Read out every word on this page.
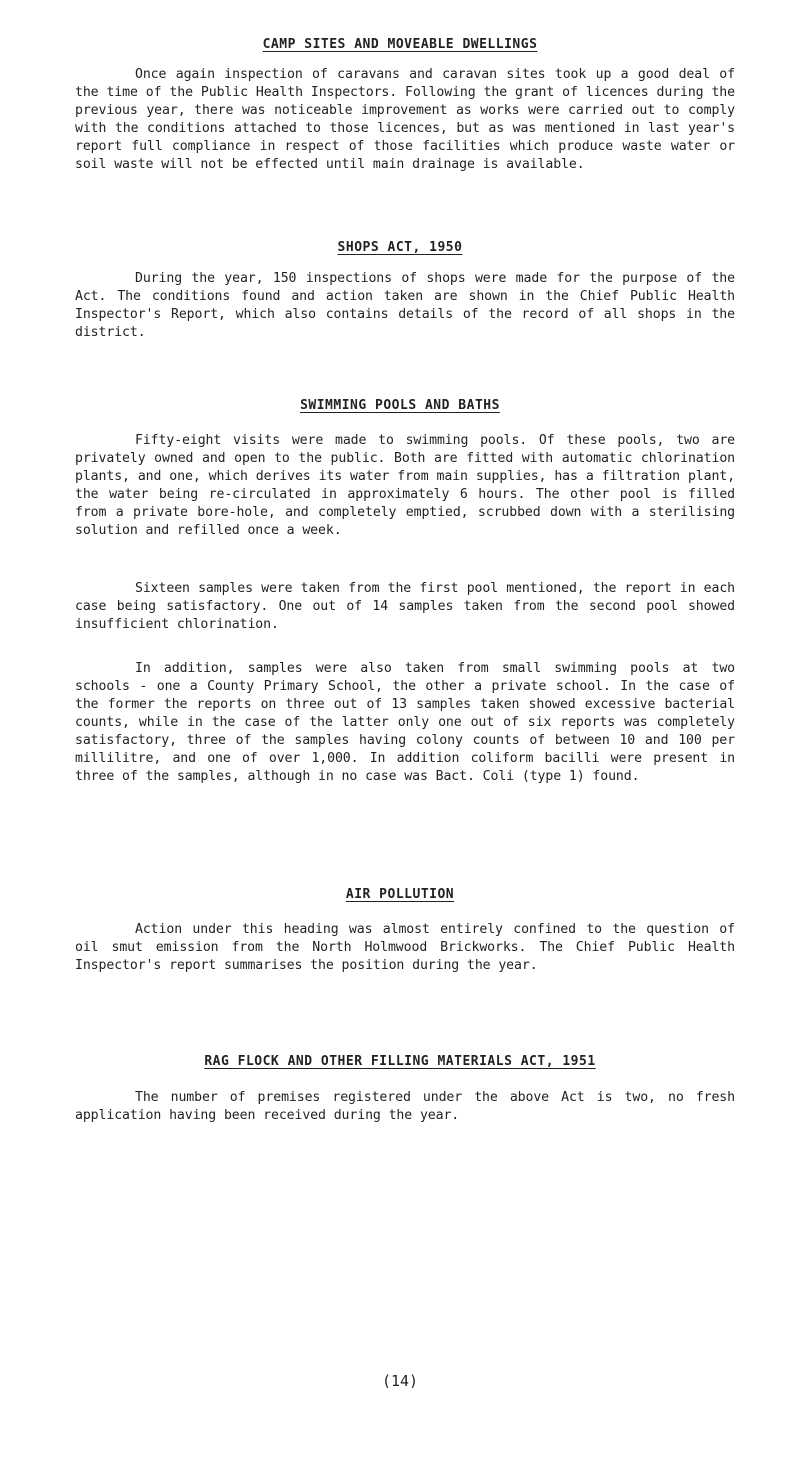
CAMP SITES AND MOVEABLE DWELLINGS

Once again inspection of caravans and caravan sites took up a good deal of the time of the Public Health Inspectors. Following the grant of licences during the previous year, there was noticeable improvement as works were carried out to comply with the conditions attached to those licences, but as was mentioned in last year's report full compliance in respect of those facilities which produce waste water or soil waste will not be effected until main drainage is available.

SHOPS ACT, 1950

During the year, 150 inspections of shops were made for the purpose of the Act. The conditions found and action taken are shown in the Chief Public Health Inspector's Report, which also contains details of the record of all shops in the district.

SWIMMING POOLS AND BATHS

Fifty-eight visits were made to swimming pools. Of these pools, two are privately owned and open to the public. Both are fitted with automatic chlorination plants, and one, which derives its water from main supplies, has a filtration plant, the water being re-circulated in approximately 6 hours. The other pool is filled from a private bore-hole, and completely emptied, scrubbed down with a sterilising solution and refilled once a week.

Sixteen samples were taken from the first pool mentioned, the report in each case being satisfactory. One out of 14 samples taken from the second pool showed insufficient chlorination.

In addition, samples were also taken from small swimming pools at two schools - one a County Primary School, the other a private school. In the case of the former the reports on three out of 13 samples taken showed excessive bacterial counts, while in the case of the latter only one out of six reports was completely satisfactory, three of the samples having colony counts of between 10 and 100 per millilitre, and one of over 1,000. In addition coliform bacilli were present in three of the samples, although in no case was Bact. Coli (type 1) found.

AIR POLLUTION

Action under this heading was almost entirely confined to the question of oil smut emission from the North Holmwood Brickworks. The Chief Public Health Inspector's report summarises the position during the year.

RAG FLOCK AND OTHER FILLING MATERIALS ACT, 1951

The number of premises registered under the above Act is two, no fresh application having been received during the year.

(14)
